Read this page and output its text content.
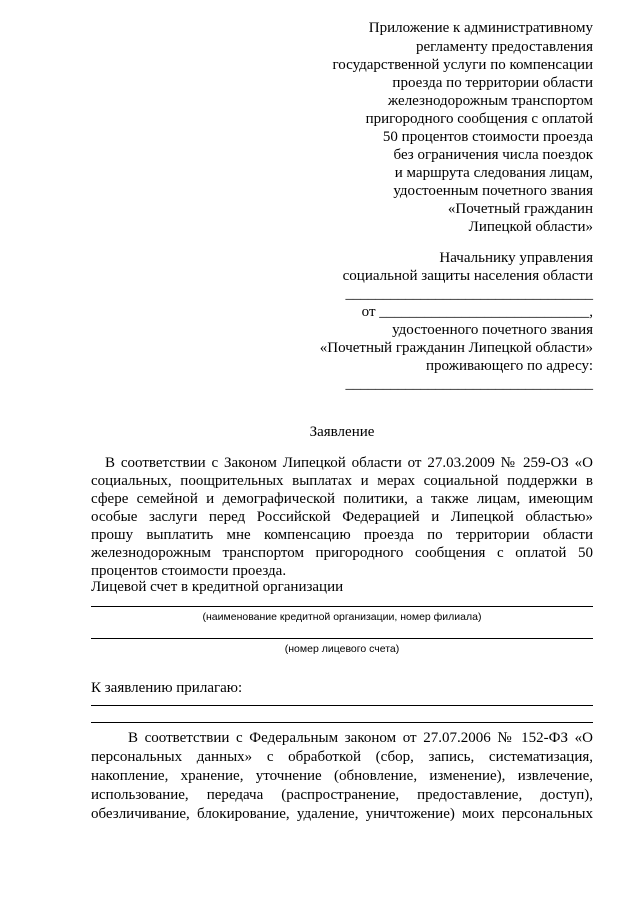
Приложение к административному
регламенту предоставления
государственной услуги по компенсации
проезда по территории области
железнодорожным транспортом
пригородного сообщения с оплатой
50 процентов стоимости проезда
без ограничения числа поездок
и маршрута следования лицам,
удостоенным почетного звания
«Почетный гражданин
Липецкой области»
Начальнику управления
социальной защиты населения области
_________________________________
от ____________________________,
удостоенного почетного звания
«Почетный гражданин Липецкой области»
проживающего по адресу:
_________________________________
Заявление
В соответствии с Законом Липецкой области от 27.03.2009 № 259-ОЗ «О
социальных, поощрительных выплатах и мерах социальной поддержки в
сфере семейной и демографической политики, а также лицам, имеющим
особые заслуги перед Российской Федерацией и Липецкой областью»
прошу выплатить мне компенсацию проезда по территории области
железнодорожным транспортом пригородного сообщения с оплатой 50
процентов стоимости проезда.
Лицевой счет в кредитной организации
(наименование кредитной организации, номер филиала)
(номер лицевого счета)
К заявлению прилагаю:
В соответствии с Федеральным законом от 27.07.2006 № 152-ФЗ «О
персональных данных» с обработкой (сбор, запись, систематизация,
накопление, хранение, уточнение (обновление, изменение), извлечение,
использование, передача (распространение, предоставление, доступ),
обезличивание, блокирование, удаление, уничтожение) моих персональных
